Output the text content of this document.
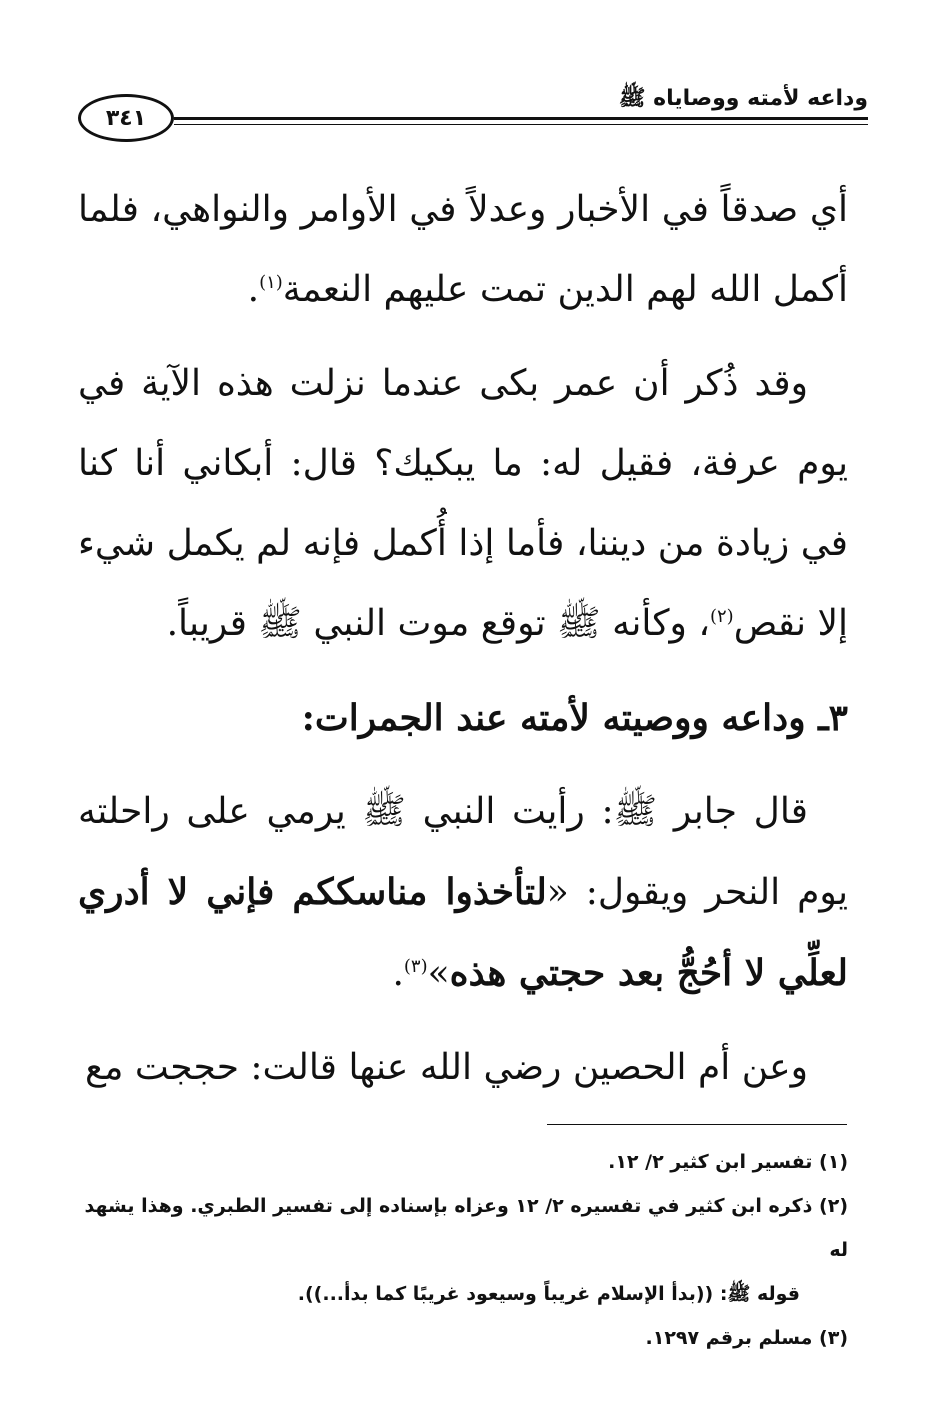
٣٤١
وداعه لأمته ووصاياه ﷺ

أي صدقاً في الأخبار وعدلاً في الأوامر والنواهي، فلما أكمل الله لهم الدين تمت عليهم النعمة$^{(١)}$.

وقد ذُكر أن عمر بكى عندما نزلت هذه الآية في يوم عرفة، فقيل له: ما يبكيك؟ قال: أبكاني أنا كنا في زيادة من ديننا، فأما إذا أُكمل فإنه لم يكمل شيء إلا نقص$^{(٢)}$، وكأنه ﷺ توقع موت النبي ﷺ قريباً.

٣ـ وداعه ووصيته لأمته عند الجمرات:

قال جابر ﷺ: رأيت النبي ﷺ يرمي على راحلته يوم النحر ويقول: «لتأخذوا مناسككم فإني لا أدري لعلِّي لا أحُجُّ بعد حجتي هذه»$^{(٣)}$.

وعن أم الحصين رضي الله عنها قالت: حججت مع

(١) تفسير ابن كثير ٢/ ١٢.

(٢) ذكره ابن كثير في تفسيره ٢/ ١٢ وعزاه بإسناده إلى تفسير الطبري. وهذا يشهد له

قوله ﷺ: ((بدأ الإسلام غريباً وسيعود غريبًا كما بدأ...)).

(٣) مسلم برقم ١٢٩٧.
